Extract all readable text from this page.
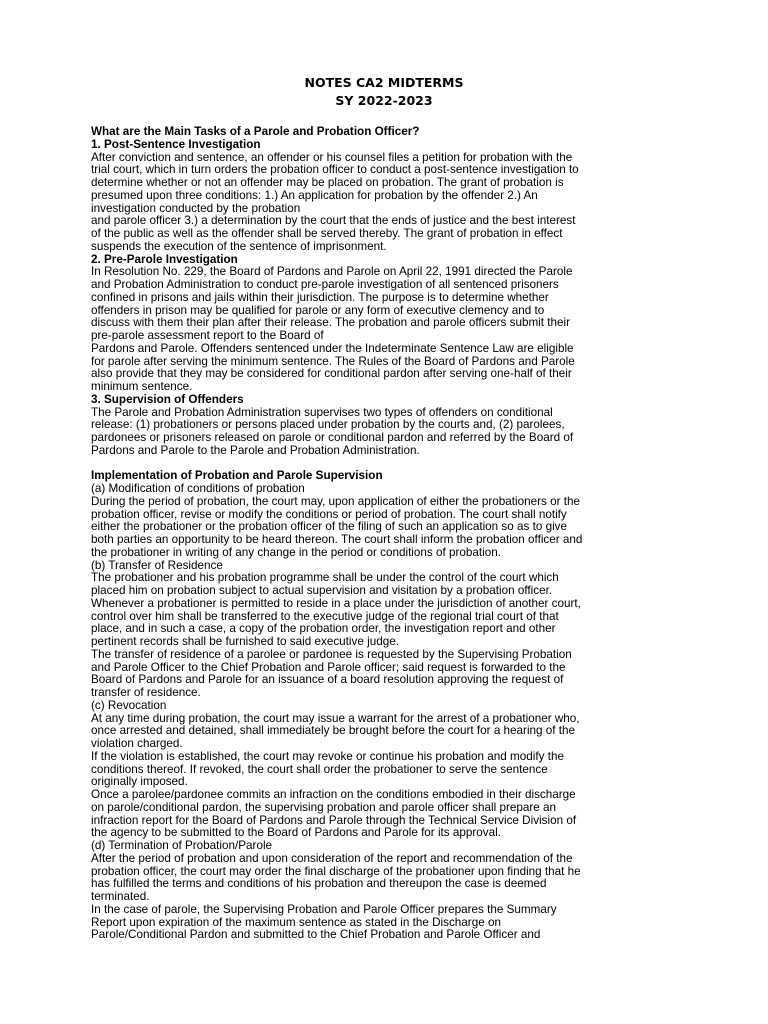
NOTES CA2 MIDTERMS
SY 2022-2023
What are the Main Tasks of a Parole and Probation Officer?
1. Post-Sentence Investigation
After conviction and sentence, an offender or his counsel files a petition for probation with the
trial court, which in turn orders the probation officer to conduct a post-sentence investigation to
determine whether or not an offender may be placed on probation. The grant of probation is
presumed upon three conditions: 1.) An application for probation by the offender 2.) An
investigation conducted by the probation
and parole officer 3.) a determination by the court that the ends of justice and the best interest
of the public as well as the offender shall be served thereby. The grant of probation in effect
suspends the execution of the sentence of imprisonment.
2. Pre-Parole Investigation
In Resolution No. 229, the Board of Pardons and Parole on April 22, 1991 directed the Parole
and Probation Administration to conduct pre-parole investigation of all sentenced prisoners
confined in prisons and jails within their jurisdiction. The purpose is to determine whether
offenders in prison may be qualified for parole or any form of executive clemency and to
discuss with them their plan after their release. The probation and parole officers submit their
pre-parole assessment report to the Board of
Pardons and Parole. Offenders sentenced under the Indeterminate Sentence Law are eligible
for parole after serving the minimum sentence. The Rules of the Board of Pardons and Parole
also provide that they may be considered for conditional pardon after serving one-half of their
minimum sentence.
3. Supervision of Offenders
The Parole and Probation Administration supervises two types of offenders on conditional
release: (1) probationers or persons placed under probation by the courts and, (2) parolees,
pardonees or prisoners released on parole or conditional pardon and referred by the Board of
Pardons and Parole to the Parole and Probation Administration.
Implementation of Probation and Parole Supervision
(a) Modification of conditions of probation
During the period of probation, the court may, upon application of either the probationers or the
probation officer, revise or modify the conditions or period of probation. The court shall notify
either the probationer or the probation officer of the filing of such an application so as to give
both parties an opportunity to be heard thereon. The court shall inform the probation officer and
the probationer in writing of any change in the period or conditions of probation.
(b) Transfer of Residence
The probationer and his probation programme shall be under the control of the court which
placed him on probation subject to actual supervision and visitation by a probation officer.
Whenever a probationer is permitted to reside in a place under the jurisdiction of another court,
control over him shall be transferred to the executive judge of the regional trial court of that
place, and in such a case, a copy of the probation order, the investigation report and other
pertinent records shall be furnished to said executive judge.
The transfer of residence of a parolee or pardonee is requested by the Supervising Probation
and Parole Officer to the Chief Probation and Parole officer; said request is forwarded to the
Board of Pardons and Parole for an issuance of a board resolution approving the request of
transfer of residence.
(c) Revocation
At any time during probation, the court may issue a warrant for the arrest of a probationer who,
once arrested and detained, shall immediately be brought before the court for a hearing of the
violation charged.
If the violation is established, the court may revoke or continue his probation and modify the
conditions thereof. If revoked, the court shall order the probationer to serve the sentence
originally imposed.
Once a parolee/pardonee commits an infraction on the conditions embodied in their discharge
on parole/conditional pardon, the supervising probation and parole officer shall prepare an
infraction report for the Board of Pardons and Parole through the Technical Service Division of
the agency to be submitted to the Board of Pardons and Parole for its approval.
(d) Termination of Probation/Parole
After the period of probation and upon consideration of the report and recommendation of the
probation officer, the court may order the final discharge of the probationer upon finding that he
has fulfilled the terms and conditions of his probation and thereupon the case is deemed
terminated.
In the case of parole, the Supervising Probation and Parole Officer prepares the Summary
Report upon expiration of the maximum sentence as stated in the Discharge on
Parole/Conditional Pardon and submitted to the Chief Probation and Parole Officer and
